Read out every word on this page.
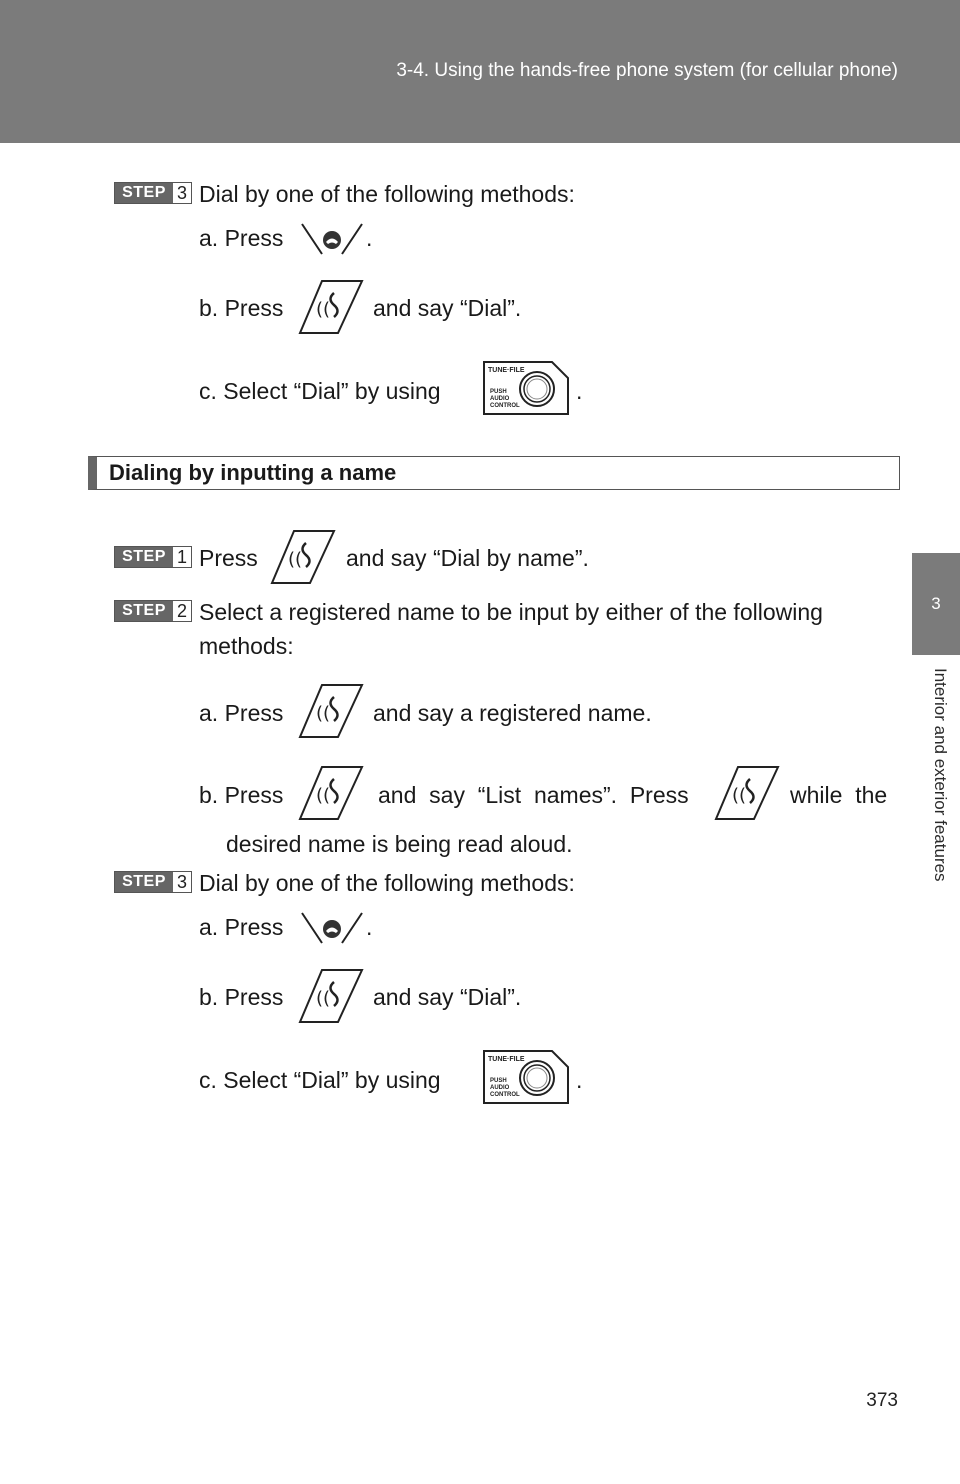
3-4. Using the hands-free phone system (for cellular phone)
3
Interior and exterior features
STEP 3 Dial by one of the following methods:
a. Press	.
b. Press (( and say “Dial”.
c. Select “Dial” by using
TUNE·FILE
PUSH
AUDIO
CONTROL
.
Dialing by inputting a name
STEP 1 Press (( and say “Dial by name”.
STEP 2 Select a registered name to be input by either of the following
methods:
a. Press (( and say a registered name.
b. Press (( and  say  “List  names”.  Press (( while  the
desired name is being read aloud.
STEP 3 Dial by one of the following methods:
a. Press	.
b. Press (( and say “Dial”.
c. Select “Dial” by using
TUNE·FILE
PUSH
AUDIO
CONTROL
.
373
